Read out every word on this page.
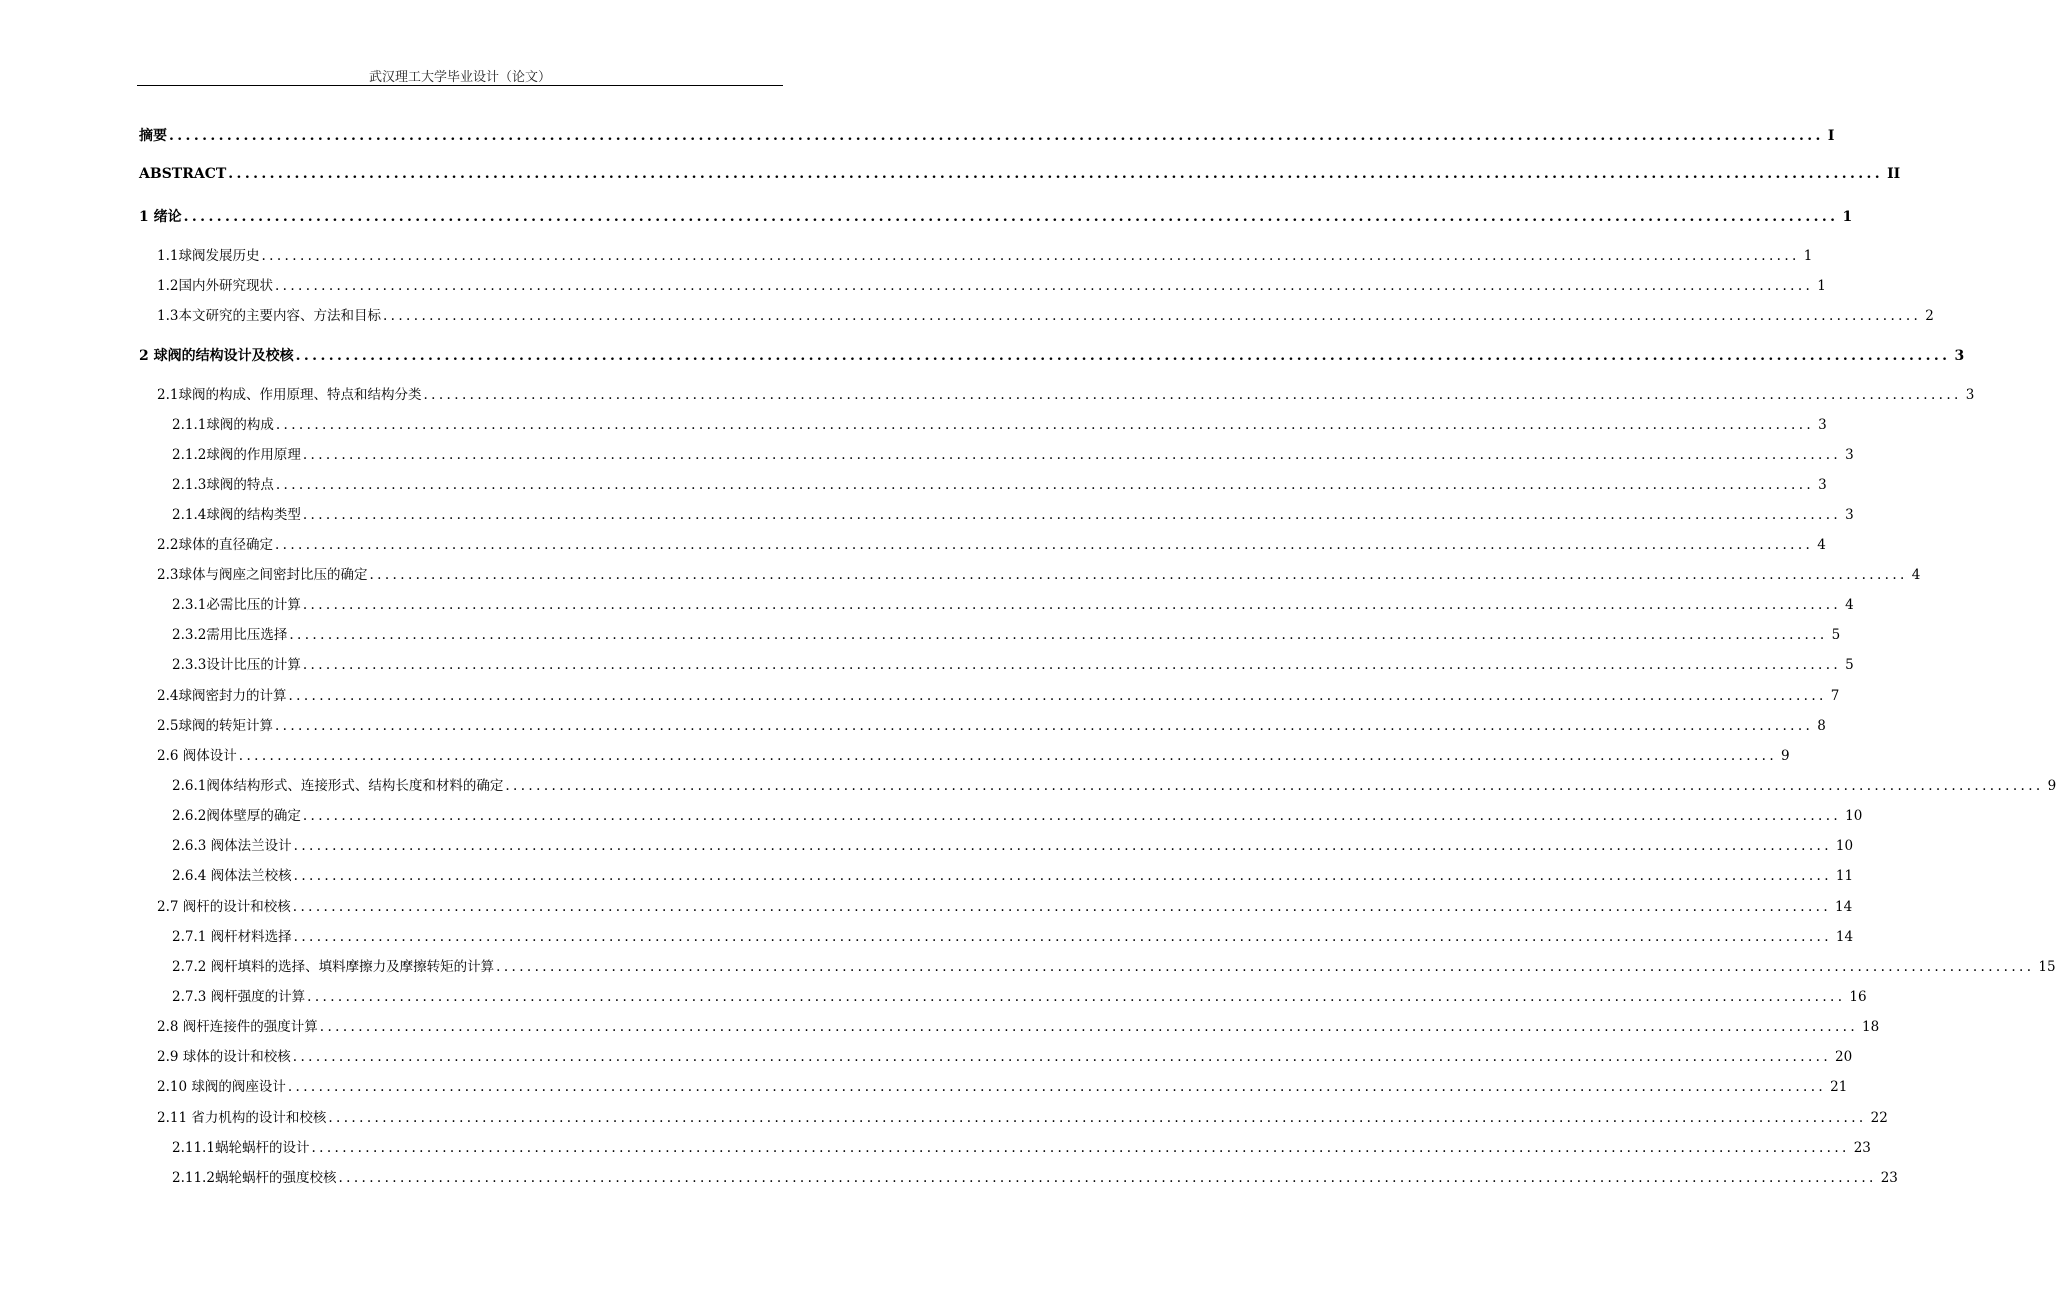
武汉理工大学毕业设计（论文）
摘要 ........................................................................................................................................................................................................ I
ABSTRACT ........................................................................................................................................................................................................ II
1 绪论 ........................................................................................................................................................................................................ 1
1.1球阀发展历史 ........................................................................................................................................................................................................ 1
1.2国内外研究现状 ........................................................................................................................................................................................................ 1
1.3本文研究的主要内容、方法和目标 ........................................................................................................................................................................................................ 2
2 球阀的结构设计及校核 ........................................................................................................................................................................................................ 3
2.1球阀的构成、作用原理、特点和结构分类 ........................................................................................................................................................................................................ 3
2.1.1球阀的构成 ........................................................................................................................................................................................................ 3
2.1.2球阀的作用原理 ........................................................................................................................................................................................................ 3
2.1.3球阀的特点 ........................................................................................................................................................................................................ 3
2.1.4球阀的结构类型 ........................................................................................................................................................................................................ 3
2.2球体的直径确定 ........................................................................................................................................................................................................ 4
2.3球体与阀座之间密封比压的确定 ........................................................................................................................................................................................................ 4
2.3.1必需比压的计算 ........................................................................................................................................................................................................ 4
2.3.2需用比压选择 ........................................................................................................................................................................................................ 5
2.3.3设计比压的计算 ........................................................................................................................................................................................................ 5
2.4球阀密封力的计算 ........................................................................................................................................................................................................ 7
2.5球阀的转矩计算 ........................................................................................................................................................................................................ 8
2.6 阀体设计 ........................................................................................................................................................................................................ 9
2.6.1阀体结构形式、连接形式、结构长度和材料的确定 ........................................................................................................................................................................................................ 9
2.6.2阀体壁厚的确定 ........................................................................................................................................................................................................ 10
2.6.3 阀体法兰设计 ........................................................................................................................................................................................................ 10
2.6.4 阀体法兰校核 ........................................................................................................................................................................................................ 11
2.7 阀杆的设计和校核 ........................................................................................................................................................................................................ 14
2.7.1 阀杆材料选择 ........................................................................................................................................................................................................ 14
2.7.2 阀杆填料的选择、填料摩擦力及摩擦转矩的计算 ........................................................................................................................................................................................................ 15
2.7.3 阀杆强度的计算 ........................................................................................................................................................................................................ 16
2.8 阀杆连接件的强度计算 ........................................................................................................................................................................................................ 18
2.9 球体的设计和校核 ........................................................................................................................................................................................................ 20
2.10 球阀的阀座设计 ........................................................................................................................................................................................................ 21
2.11 省力机构的设计和校核 ........................................................................................................................................................................................................ 22
2.11.1蜗轮蜗杆的设计 ........................................................................................................................................................................................................ 23
2.11.2蜗轮蜗杆的强度校核 ........................................................................................................................................................................................................ 23
